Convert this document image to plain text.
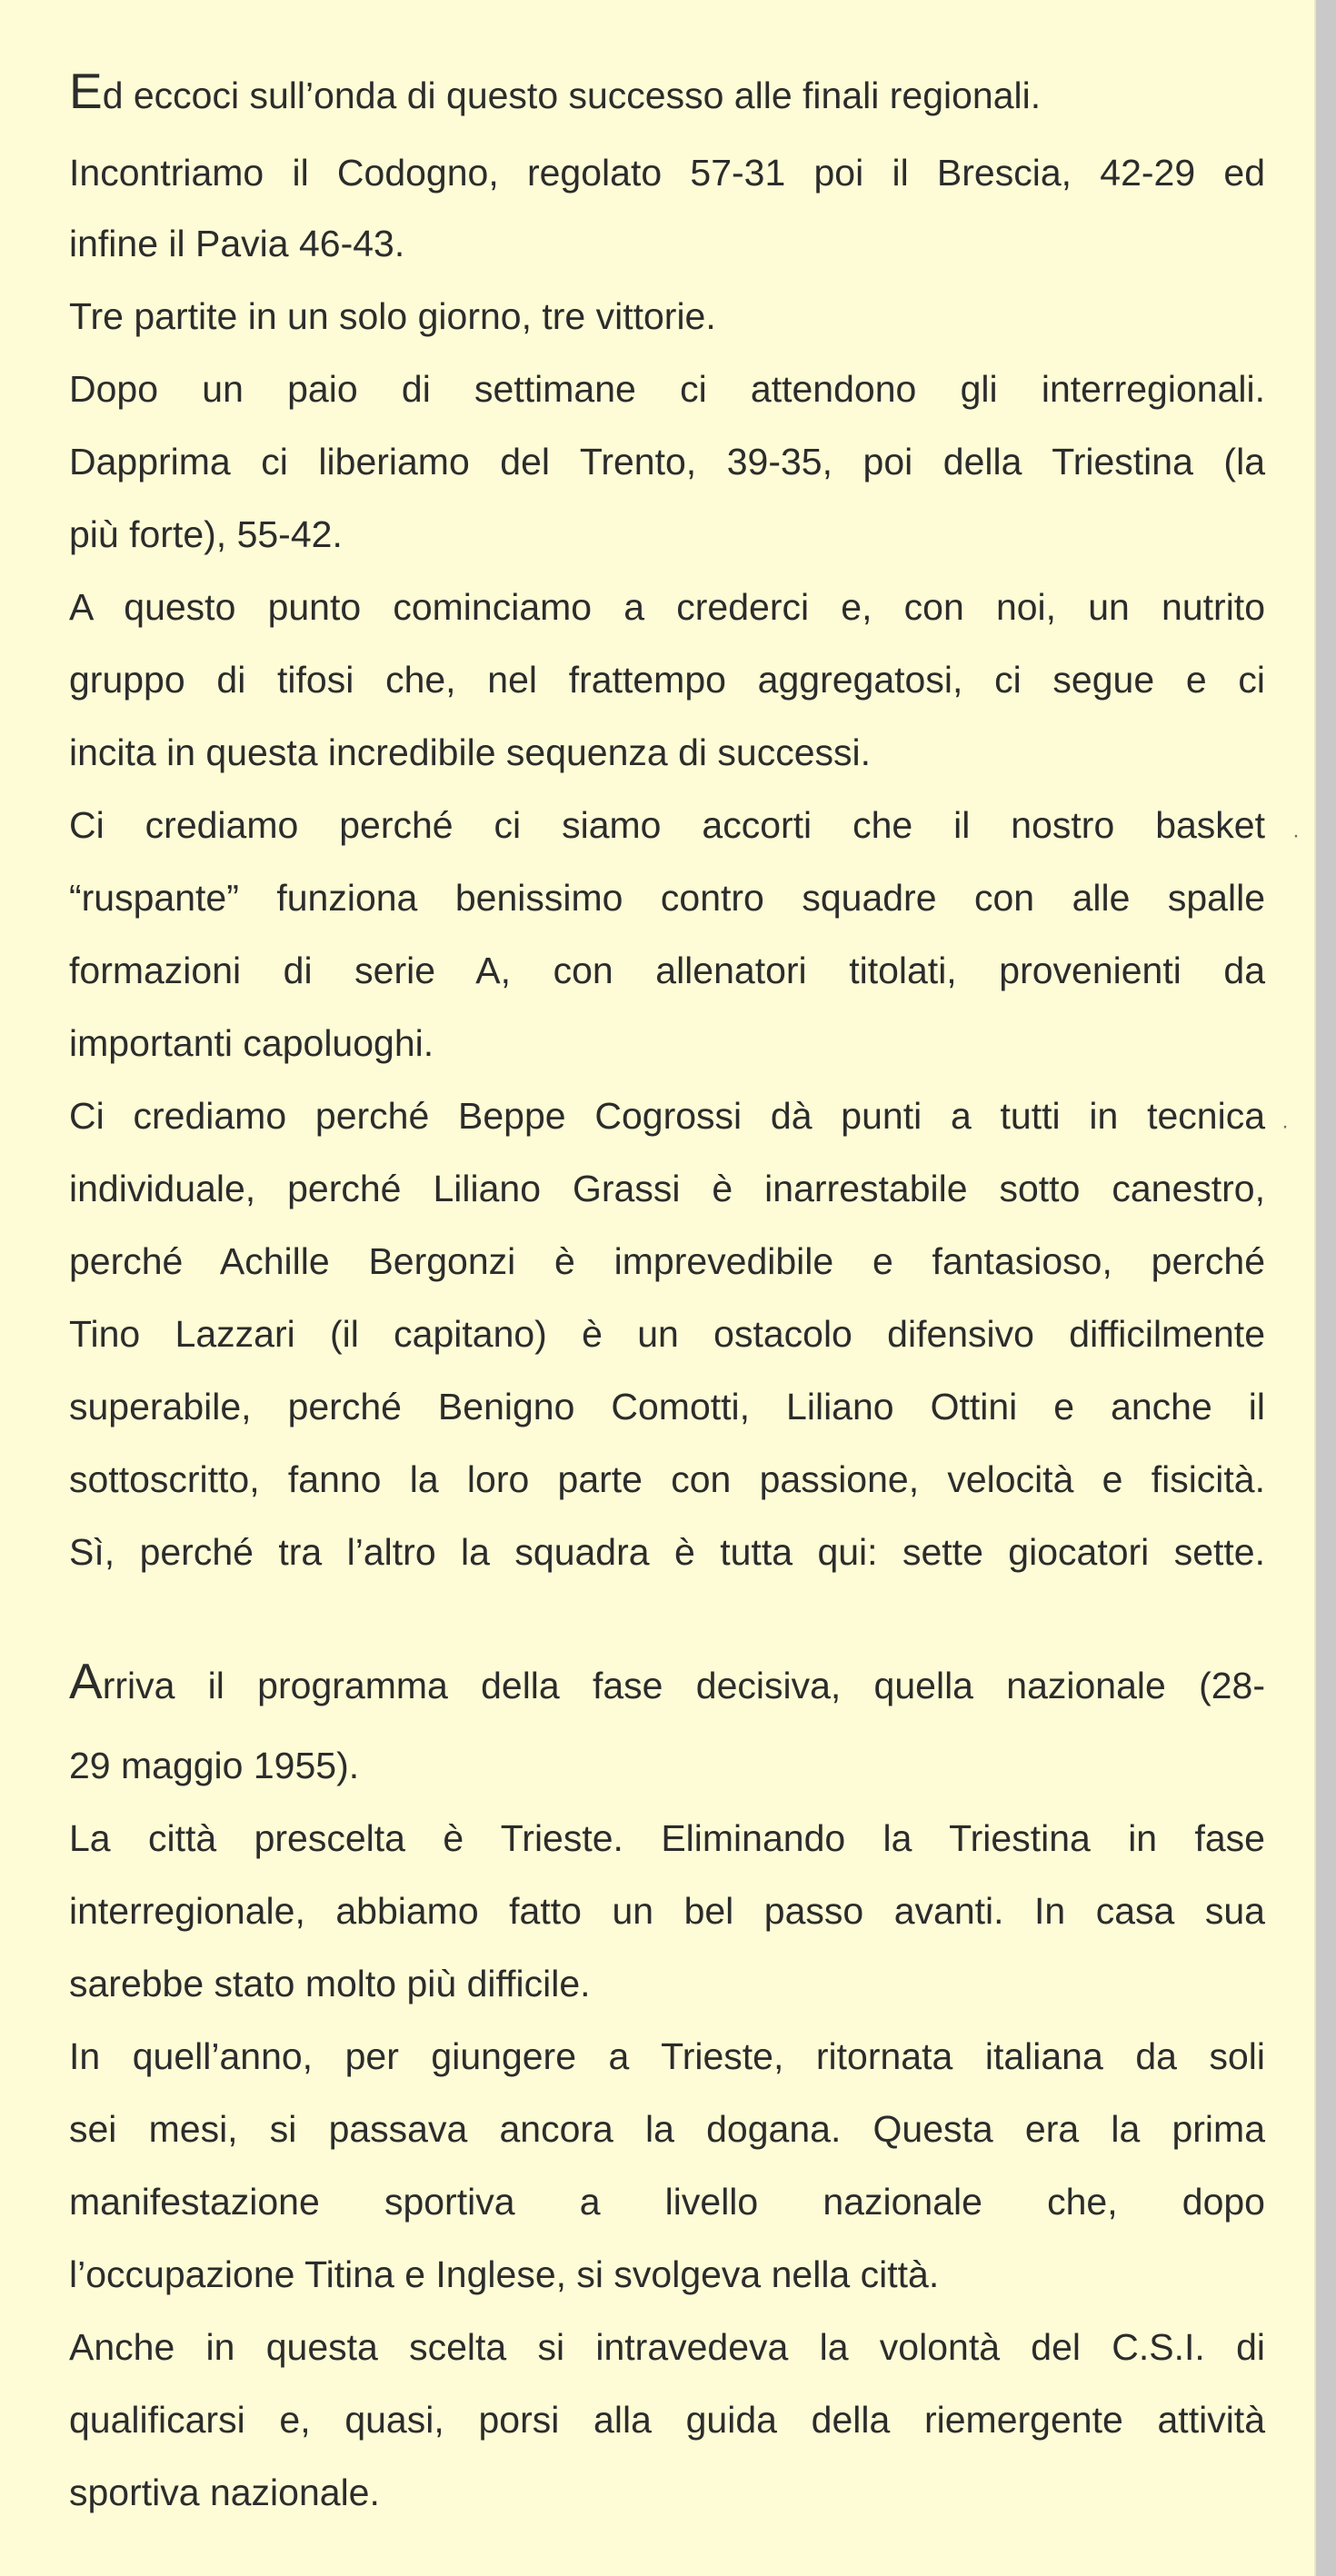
Ed eccoci sull’onda di questo successo alle finali regionali.

Incontriamo il Codogno, regolato 57-31 poi il Brescia, 42-29 ed

infine il Pavia 46-43.

Tre partite in un solo giorno, tre vittorie.

Dopo un paio di settimane ci attendono gli interregionali.

Dapprima ci liberiamo del Trento, 39-35, poi della Triestina (la

più forte), 55-42.

A questo punto cominciamo a crederci e, con noi, un nutrito

gruppo di tifosi che, nel frattempo aggregatosi, ci segue e ci

incita in questa incredibile sequenza di successi.

Ci crediamo perché ci siamo accorti che il nostro basket

“ruspante” funziona benissimo contro squadre con alle spalle

formazioni di serie A, con allenatori titolati, provenienti da

importanti capoluoghi.

Ci crediamo perché Beppe Cogrossi dà punti a tutti in tecnica

individuale, perché Liliano Grassi è inarrestabile sotto canestro,

perché Achille Bergonzi è imprevedibile e fantasioso, perché

Tino Lazzari (il capitano) è un ostacolo difensivo difficilmente

superabile, perché Benigno Comotti, Liliano Ottini e anche il

sottoscritto, fanno la loro parte con passione, velocità e fisicità.

Sì, perché tra l’altro la squadra è tutta qui: sette giocatori sette.

Arriva il programma della fase decisiva, quella nazionale (28-

29 maggio 1955).

La città prescelta è Trieste. Eliminando la Triestina in fase

interregionale, abbiamo fatto un bel passo avanti. In casa sua

sarebbe stato molto più difficile.

In quell’anno, per giungere a Trieste, ritornata italiana da soli

sei mesi, si passava ancora la dogana. Questa era la prima

manifestazione sportiva a livello nazionale che, dopo

l’occupazione Titina e Inglese, si svolgeva nella città.

Anche in questa scelta si intravedeva la volontà del C.S.I. di

qualificarsi e, quasi, porsi alla guida della riemergente attività

sportiva nazionale.

·
·
